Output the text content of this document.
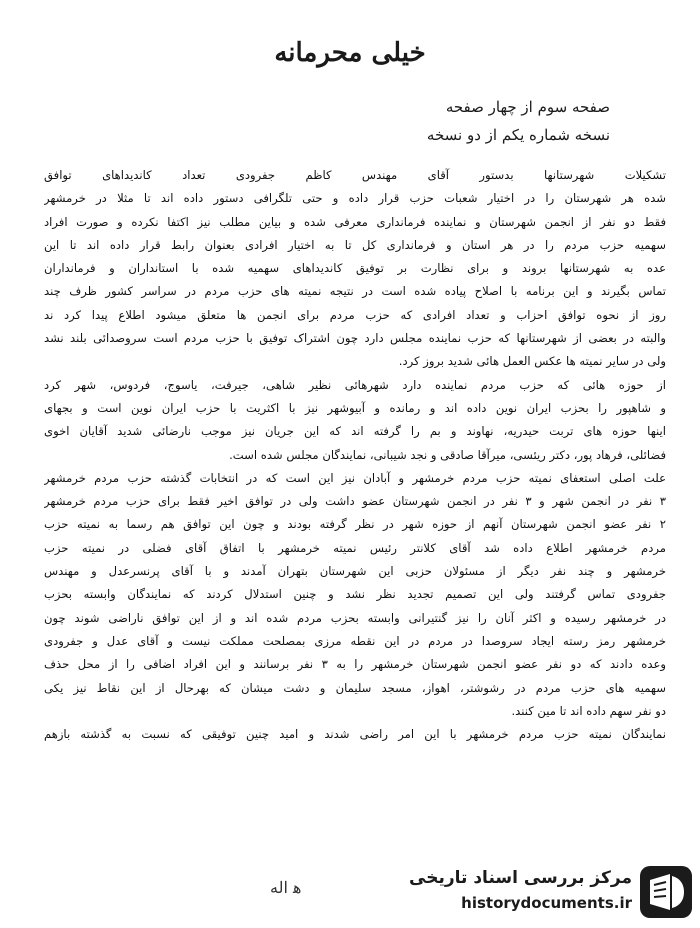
خیلی محرمانه
صفحه سوم از چهار صفحه
نسخه شماره یکم از دو نسخه
تشکیلات شهرستانها بدستور آقای مهندس کاظم جفرودی تعداد کاندیداهای توافق
شده هر شهرستان را در اختیار شعبات حزب قرار داده و حتی تلگرافی دستور داده اند تا مثلا در خرمشهر
فقط دو نفر از انجمن شهرستان و نماینده فرمانداری معرفی شده و بیاین مطلب نیز اکتفا نکرده و صورت افراد
سهمیه حزب مردم را در هر استان و فرمانداری کل تا به اختیار افرادی بعنوان رابط قرار داده اند تا این
عده به شهرستانها بروند و برای نظارت بر توفیق کاندیداهای سهمیه شده با استانداران و فرمانداران
تماس بگیرند و این برنامه با اصلاح پیاده شده است در نتیجه نمیته های حزب مردم در سراسر کشور ظرف چند
روز از نحوه توافق احزاب و تعداد افرادی که حزب مردم برای انجمن ها متعلق میشود اطلاع پیدا کرد ند
والبته در بعضی از شهرستانها که حزب نماینده مجلس دارد چون اشتراک توفیق با حزب مردم است سروصدائی بلند نشد
ولی در سایر نمیته ها عکس العمل هائی شدید بروز کرد.
از حوزه هائی که حزب مردم نماینده دارد شهرهائی نظیر شاهی، جیرفت، یاسوج، فردوس، شهر کرد
و شاهپور را بحزب ایران نوین داده اند و رمانده و آبیوشهر نیز با اکثریت با حزب ایران نوین است و بجهای
اینها حوزه های تربت حیدریه، نهاوند و بم را گرفته اند که این جریان نیز موجب نارضائی شدید آقایان اخوی
فضائلی، فرهاد پور، دکتر ریئسی، میرآقا صادقی و نجد شیبانی، نمایندگان مجلس شده است.
علت اصلی استعفای نمیته حزب مردم خرمشهر و آبادان نیز این است که در انتخابات گذشته حزب مردم خرمشهر
۳ نفر در انجمن شهر و ۳ نفر در انجمن شهرستان عضو داشت ولی در توافق اخیر فقط برای حزب مردم خرمشهر
۲ نفر عضو انجمن شهرستان آنهم از حوزه شهر در نظر گرفته بودند و چون این توافق هم رسما به نمیته حزب
مردم خرمشهر اطلاع داده شد آقای کلانتر رئیس نمیته خرمشهر با اتفاق آقای فضلی در نمیته حزب
خرمشهر و چند نفر دیگر از مسئولان حزبی این شهرستان بتهران آمدند و با آقای پرنسرعدل و مهندس
جفرودی تماس گرفتند ولی این تصمیم تجدید نظر نشد و چنین استدلال کردند که نمایندگان وابسته بحزب
در خرمشهر رسیده و اکثر آنان را نیز گنتیرانی وابسته بحزب مردم شده اند و از این توافق ناراضی شوند چون
خرمشهر رمز رسته ایجاد سروصدا در مردم در این نقطه مرزی بمصلحت مملکت نیست و آقای عدل و جفرودی
وعده دادند که دو نفر عضو انجمن شهرستان خرمشهر را به ۳ نفر برسانند و این افراد اضافی را از محل حذف
سهمیه های حزب مردم در رشوشتر، اهواز، مسجد سلیمان و دشت میشان که بهرحال از این نقاط نیز یکی
دو نفر سهم داده اند تا مین کنند.
نمایندگان نمیته حزب مردم خرمشهر با این امر راضی شدند و امید چنین توفیقی که نسبت به گذشته بازهم
ﻫ ﺍﻟﻪ	مرکز بررسی اسناد تاریخی
historydocuments.ir
